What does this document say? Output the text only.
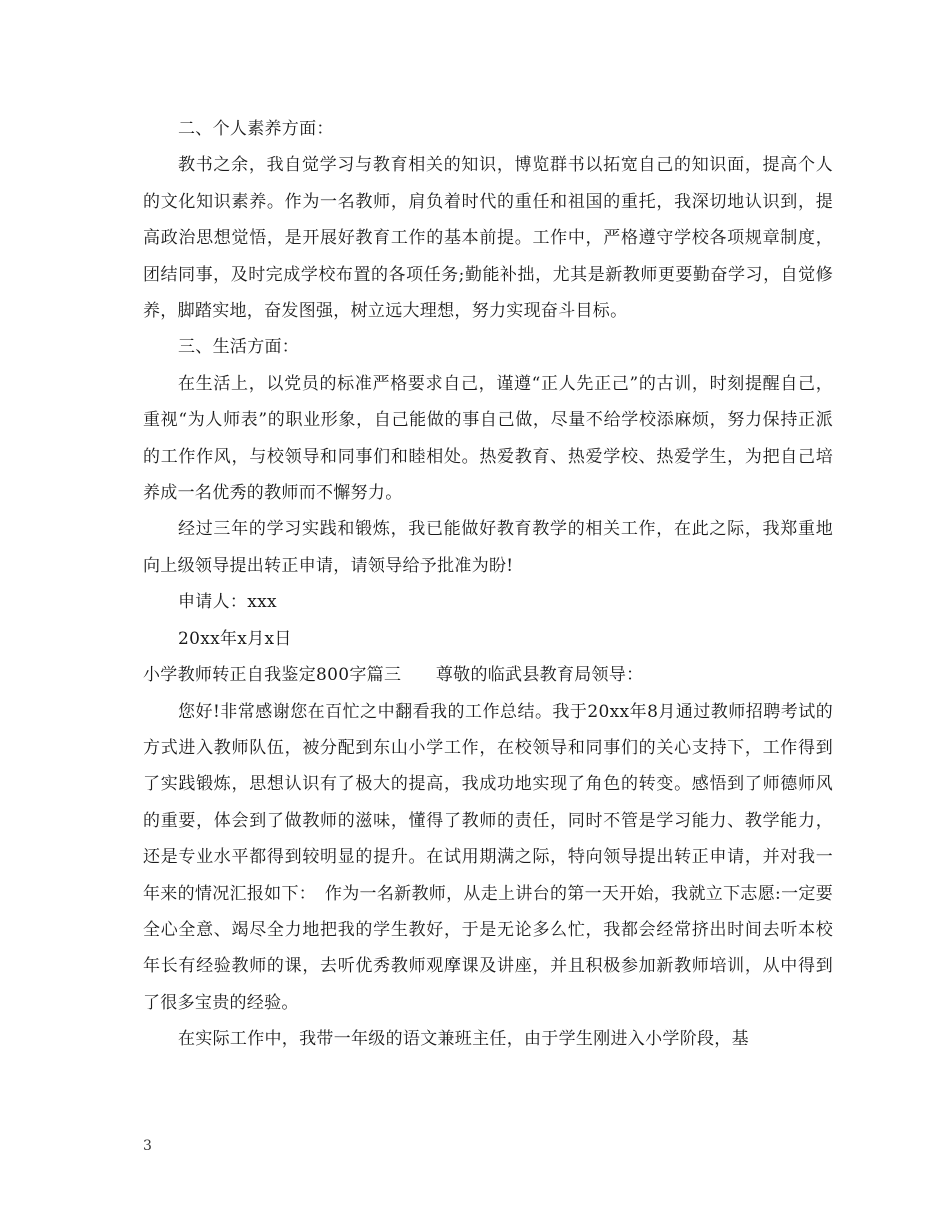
二、个人素养方面：

教书之余，我自觉学习与教育相关的知识，博览群书以拓宽自己的知识面，提高个人的文化知识素养。作为一名教师，肩负着时代的重任和祖国的重托，我深切地认识到，提高政治思想觉悟，是开展好教育工作的基本前提。工作中，严格遵守学校各项规章制度，团结同事，及时完成学校布置的各项任务;勤能补拙，尤其是新教师更要勤奋学习，自觉修养，脚踏实地，奋发图强，树立远大理想，努力实现奋斗目标。

三、生活方面：

在生活上，以党员的标准严格要求自己，谨遵“正人先正己”的古训，时刻提醒自己，重视“为人师表”的职业形象，自己能做的事自己做，尽量不给学校添麻烦，努力保持正派的工作作风，与校领导和同事们和睦相处。热爱教育、热爱学校、热爱学生，为把自己培养成一名优秀的教师而不懈努力。

经过三年的学习实践和锻炼，我已能做好教育教学的相关工作，在此之际，我郑重地向上级领导提出转正申请，请领导给予批准为盼!

申请人：xxx

20xx年x月x日

小学教师转正自我鉴定800字篇三　　尊敬的临武县教育局领导：

您好!非常感谢您在百忙之中翻看我的工作总结。我于20xx年8月通过教师招聘考试的方式进入教师队伍，被分配到东山小学工作，在校领导和同事们的关心支持下，工作得到了实践锻炼，思想认识有了极大的提高，我成功地实现了角色的转变。感悟到了师德师风的重要，体会到了做教师的滋味，懂得了教师的责任，同时不管是学习能力、教学能力，还是专业水平都得到较明显的提升。在试用期满之际，特向领导提出转正申请，并对我一年来的情况汇报如下：　作为一名新教师，从走上讲台的第一天开始，我就立下志愿:一定要全心全意、竭尽全力地把我的学生教好，于是无论多么忙，我都会经常挤出时间去听本校年长有经验教师的课，去听优秀教师观摩课及讲座，并且积极参加新教师培训，从中得到了很多宝贵的经验。

在实际工作中，我带一年级的语文兼班主任，由于学生刚进入小学阶段，基

3
